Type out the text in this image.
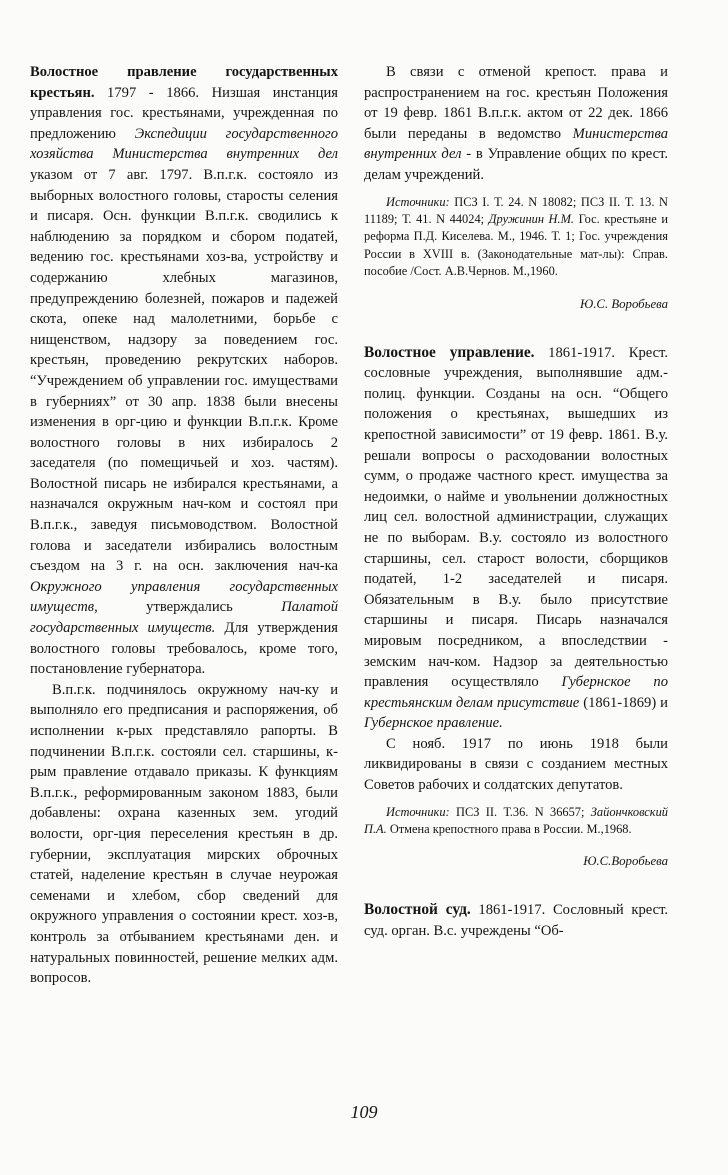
Волостное правление государственных крестьян. 1797 - 1866. Низшая инстанция управления гос. крестьянами, учрежденная по предложению Экспедиции государственного хозяйства Министерства внутренних дел указом от 7 авг. 1797. В.п.г.к. состояло из выборных волостного головы, старосты селения и писаря. Осн. функции В.п.г.к. сводились к наблюдению за порядком и сбором податей, ведению гос. крестьянами хоз-ва, устройству и содержанию хлебных магазинов, предупреждению болезней, пожаров и падежей скота, опеке над малолетними, борьбе с нищенством, надзору за поведением гос. крестьян, проведению рекрутских наборов. “Учреждением об управлении гос. имуществами в губерниях” от 30 апр. 1838 были внесены изменения в орг-цию и функции В.п.г.к. Кроме волостного головы в них избиралось 2 заседателя (по помещичьей и хоз. частям). Волостной писарь не избирался крестьянами, а назначался окружным нач-ком и состоял при В.п.г.к., заведуя письмоводством. Волостной голова и заседатели избирались волостным съездом на 3 г. на осн. заключения нач-ка Окружного управления государственных имуществ, утверждались Палатой государственных имуществ. Для утверждения волостного головы требовалось, кроме того, постановление губернатора.

В.п.г.к. подчинялось окружному нач-ку и выполняло его предписания и распоряжения, об исполнении к-рых представляло рапорты. В подчинении В.п.г.к. состояли сел. старшины, к-рым правление отдавало приказы. К функциям В.п.г.к., реформированным законом 1883, были добавлены: охрана казенных зем. угодий волости, орг-ция переселения крестьян в др. губернии, эксплуатация мирских оброчных статей, наделение крестьян в случае неурожая семенами и хлебом, сбор сведений для окружного управления о состоянии крест. хоз-в, контроль за отбыванием крестьянами ден. и натуральных повинностей, решение мелких адм. вопросов.

109

В связи с отменой крепост. права и распространением на гос. крестьян Положения от 19 февр. 1861 В.п.г.к. актом от 22 дек. 1866 были переданы в ведомство Министерства внутренних дел - в Управление общих по крест. делам учреждений.

Источники: ПСЗ I. Т. 24. N 18082; ПСЗ II. Т. 13. N 11189; Т. 41. N 44024; Дружинин Н.М. Гос. крестьяне и реформа П.Д. Киселева. М., 1946. Т. 1; Гос. учреждения России в XVIII в. (Законодательные мат-лы): Справ. пособие /Сост. А.В.Чернов. М.,1960.

Ю.С. Воробьева

Волостное управление. 1861-1917. Крест. сословные учреждения, выполнявшие адм.-полиц. функции. Созданы на осн. “Общего положения о крестьянах, вышедших из крепостной зависимости” от 19 февр. 1861. В.у. решали вопросы о расходовании волостных сумм, о продаже частного крест. имущества за недоимки, о найме и увольнении должностных лиц сел. волостной администрации, служащих не по выборам. В.у. состояло из волостного старшины, сел. старост волости, сборщиков податей, 1-2 заседателей и писаря. Обязательным в В.у. было присутствие старшины и писаря. Писарь назначался мировым посредником, а впоследствии - земским нач-ком. Надзор за деятельностью правления осуществляло Губернское по крестьянским делам присутствие (1861-1869) и Губернское правление.

С нояб. 1917 по июнь 1918 были ликвидированы в связи с созданием местных Советов рабочих и солдатских депутатов.

Источники: ПСЗ II. Т.36. N 36657; Зайончковский П.А. Отмена крепостного права в России. М.,1968.

Ю.С.Воробьева

Волостной суд. 1861-1917. Сословный крест. суд. орган. В.с. учреждены “Об-
